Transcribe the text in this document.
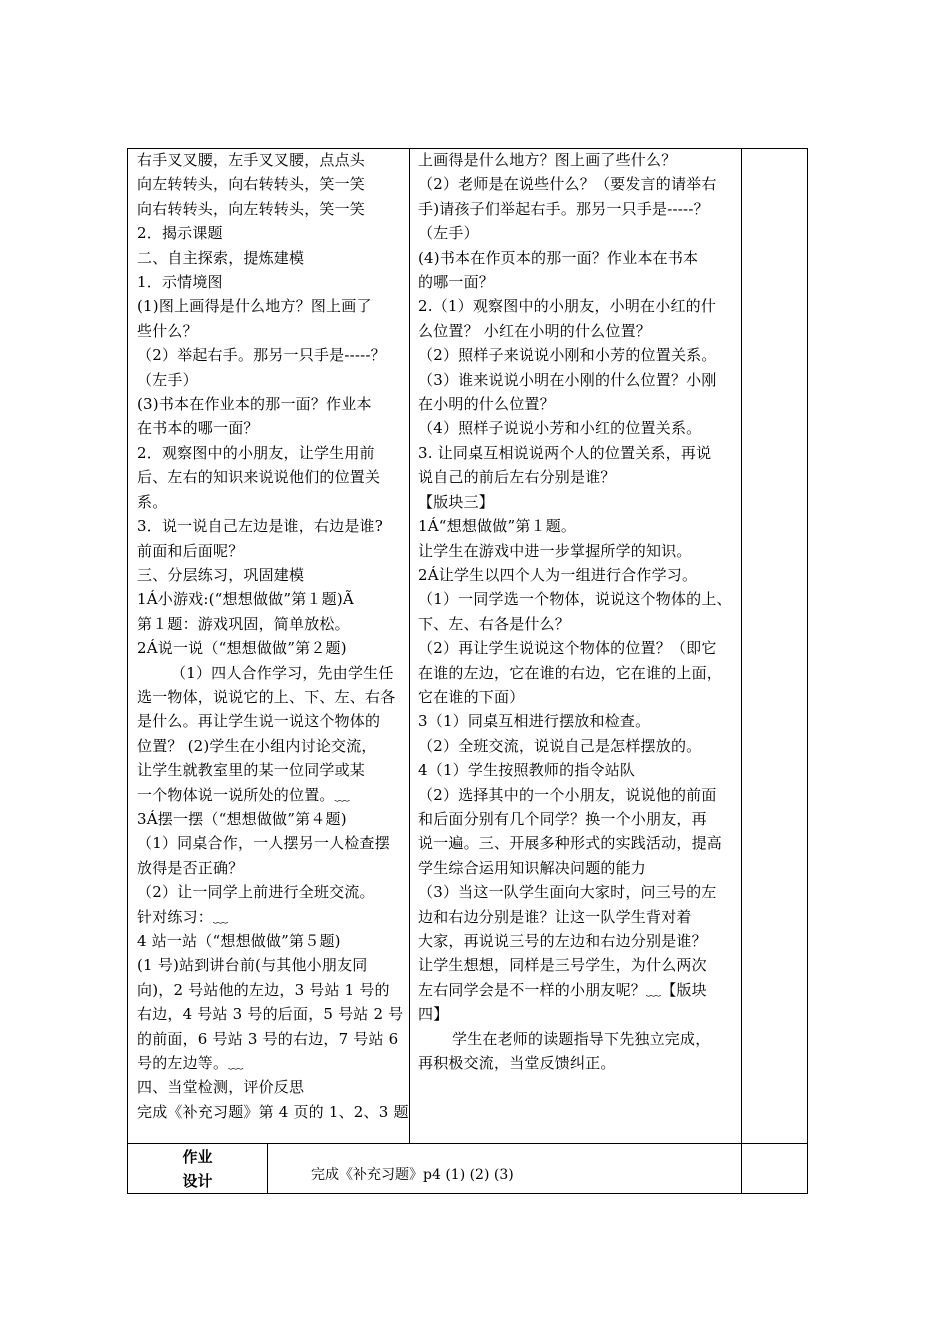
右手叉叉腰，左手叉叉腰，点点头

向左转转头，向右转转头，笑一笑

向右转转头，向左转转头，笑一笑

2．揭示课题

二、自主探索，提炼建模

1．示情境图

(1)图上画得是什么地方？图上画了

些什么？

（2）举起右手。那另一只手是-----？

（左手）

(3)书本在作业本的那一面？作业本

在书本的哪一面？

2．观察图中的小朋友，让学生用前

后、左右的知识来说说他们的位置关

系。

3．说一说自己左边是谁，右边是谁?

前面和后面呢？

三、分层练习，巩固建模

1Á小游戏:(“想想做做”第１题)Ã

第１题：游戏巩固，简单放松。

2Á说一说（“想想做做”第２题)

（1）四人合作学习，先由学生任

选一物体，说说它的上、下、左、右各

是什么。再让学生说一说这个物体的

位置？ (2)学生在小组内讨论交流，

让学生就教室里的某一位同学或某

一个物体说一说所处的位置。﹏

3Á摆一摆（“想想做做”第４题)

（1）同桌合作，一人摆另一人检查摆

放得是否正确？

（2）让一同学上前进行全班交流。

针对练习：﹏

4 站一站（“想想做做”第５题)

(1 号)站到讲台前(与其他小朋友同

向)，2 号站他的左边，3 号站 1 号的

右边，4 号站 3 号的后面，5 号站 2 号

的前面，6 号站 3 号的右边，7 号站 6

号的左边等。﹏

四、当堂检测，评价反思

完成《补充习题》第 4 页的 1、2、3 题

上画得是什么地方？图上画了些什么？

（2）老师是在说些什么？（要发言的请举右

手)请孩子们举起右手。那另一只手是-----？

（左手）

(4)书本在作页本的那一面？作业本在书本

的哪一面？

2.（1）观察图中的小朋友，小明在小红的什

么位置？ 小红在小明的什么位置？

（2）照样子来说说小刚和小芳的位置关系。

（3）谁来说说小明在小刚的什么位置？小刚

在小明的什么位置？

（4）照样子说说小芳和小红的位置关系。

3. 让同桌互相说说两个人的位置关系，再说

说自己的前后左右分别是谁？

【版块三】

1Á“想想做做”第１题。

让学生在游戏中进一步掌握所学的知识。

2Á让学生以四个人为一组进行合作学习。

（1）一同学选一个物体，说说这个物体的上、

下、左、右各是什么？

（2）再让学生说说这个物体的位置？（即它

在谁的左边，它在谁的右边，它在谁的上面，

它在谁的下面）

3（1）同桌互相进行摆放和检查。

（2）全班交流，说说自己是怎样摆放的。

4（1）学生按照教师的指令站队

（2）选择其中的一个小朋友，说说他的前面

和后面分别有几个同学？换一个小朋友，再

说一遍。三、开展多种形式的实践活动，提高

学生综合运用知识解决问题的能力

（3）当这一队学生面向大家时，问三号的左

边和右边分别是谁？让这一队学生背对着

大家，再说说三号的左边和右边分别是谁？

让学生想想，同样是三号学生，为什么两次

左右同学会是不一样的小朋友呢？﹏【版块

四】

学生在老师的读题指导下先独立完成，

再积极交流，当堂反馈纠正。

作业
设计	完成《补充习题》p4 (1) (2) (3)
